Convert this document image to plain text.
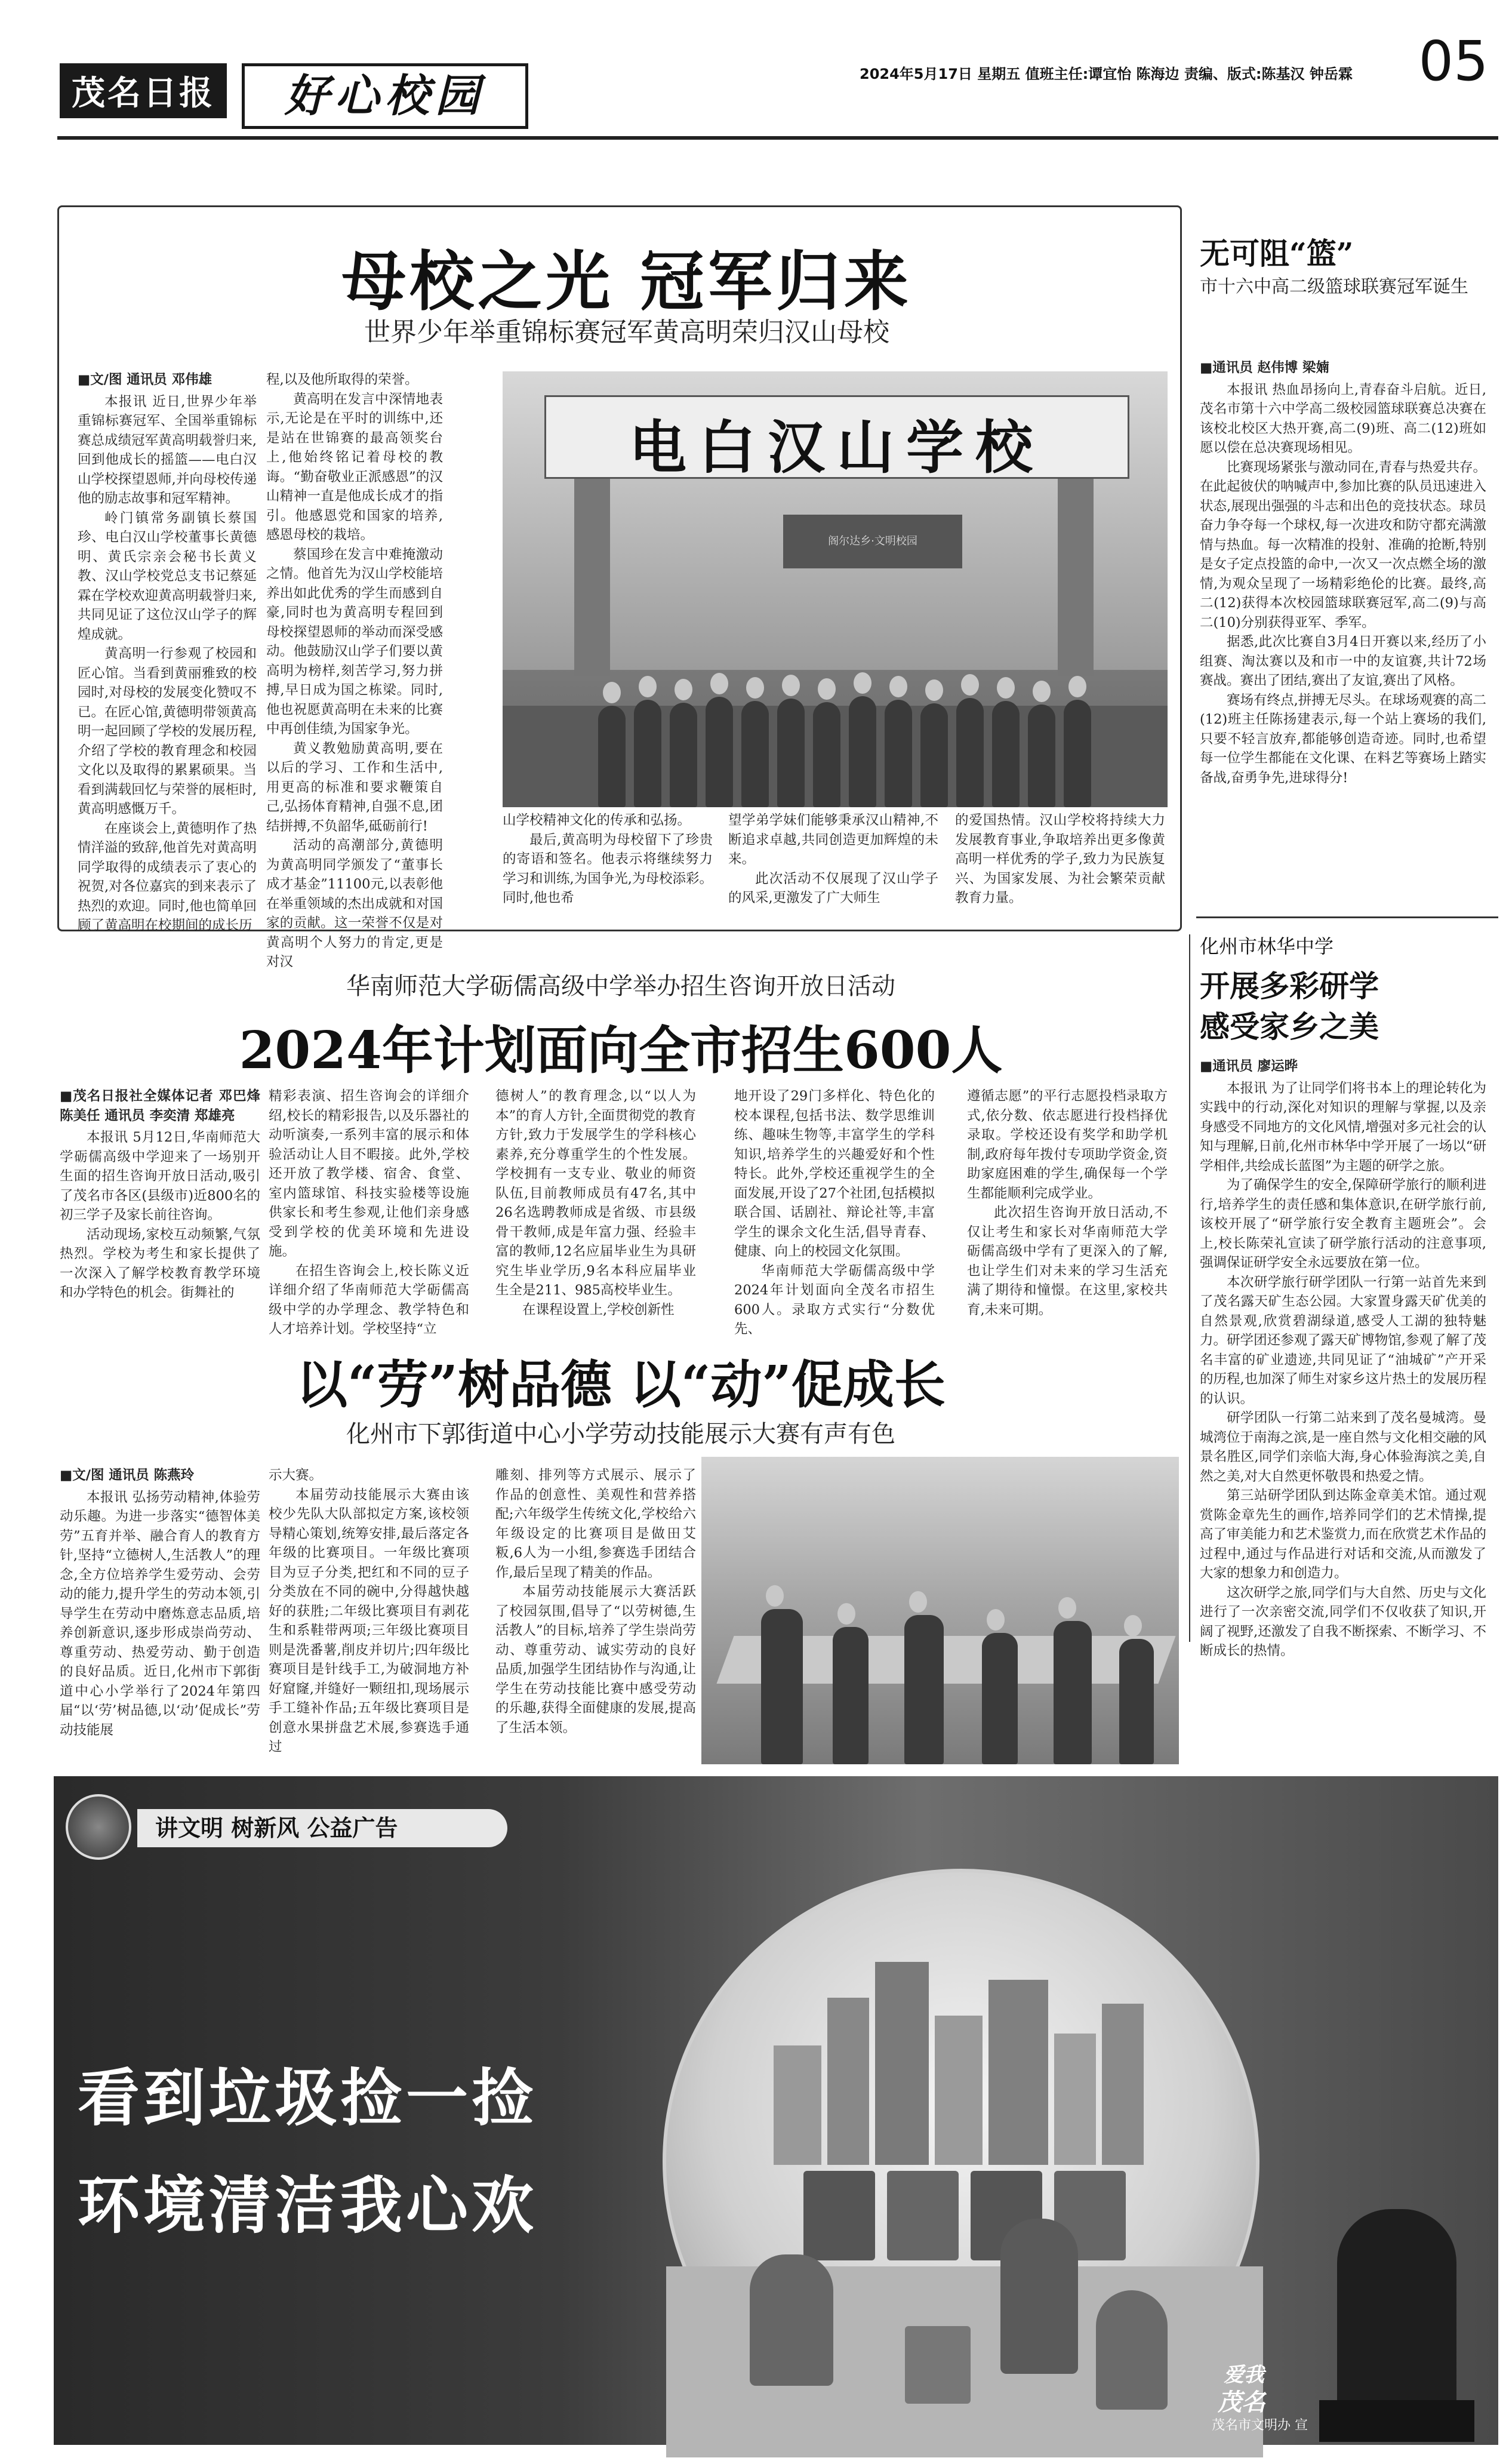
茂名日报	好心校园	2024年5月17日 星期五 值班主任:谭宜怡 陈海边 责编、版式:陈基汉 钟岳霖	05
母校之光 冠军归来
世界少年举重锦标赛冠军黄高明荣归汉山母校

■文/图 通讯员 邓伟雄

本报讯 近日,世界少年举重锦标赛冠军、全国举重锦标赛总成绩冠军黄高明载誉归来,回到他成长的摇篮——电白汉山学校探望恩师,并向母校传递他的励志故事和冠军精神。

岭门镇常务副镇长蔡国珍、电白汉山学校董事长黄德明、黄氏宗亲会秘书长黄义教、汉山学校党总支书记蔡延霖在学校欢迎黄高明载誉归来,共同见证了这位汉山学子的辉煌成就。

黄高明一行参观了校园和匠心馆。当看到黄丽雅致的校园时,对母校的发展变化赞叹不已。在匠心馆,黄德明带领黄高明一起回顾了学校的发展历程,介绍了学校的教育理念和校园文化以及取得的累累硕果。当看到满载回忆与荣誉的展柜时,黄高明感慨万千。

在座谈会上,黄德明作了热情洋溢的致辞,他首先对黄高明同学取得的成绩表示了衷心的祝贺,对各位嘉宾的到来表示了热烈的欢迎。同时,他也简单回顾了黄高明在校期间的成长历

程,以及他所取得的荣誉。

黄高明在发言中深情地表示,无论是在平时的训练中,还是站在世锦赛的最高领奖台上,他始终铭记着母校的教诲。“勤奋敬业正派感恩”的汉山精神一直是他成长成才的指引。他感恩党和国家的培养,感恩母校的栽培。

蔡国珍在发言中难掩激动之情。他首先为汉山学校能培养出如此优秀的学生而感到自豪,同时也为黄高明专程回到母校探望恩师的举动而深受感动。他鼓励汉山学子们要以黄高明为榜样,刻苦学习,努力拼搏,早日成为国之栋梁。同时,他也祝愿黄高明在未来的比赛中再创佳绩,为国家争光。

黄义教勉励黄高明,要在以后的学习、工作和生活中,用更高的标准和要求鞭策自己,弘扬体育精神,自强不息,团结拼搏,不负韶华,砥砺前行!

活动的高潮部分,黄德明为黄高明同学颁发了“董事长成才基金”11100元,以表彰他在举重领域的杰出成就和对国家的贡献。这一荣誉不仅是对黄高明个人努力的肯定,更是对汉

电白汉山学校
阁尔达乡·文明校园

山学校精神文化的传承和弘扬。

最后,黄高明为母校留下了珍贵的寄语和签名。他表示将继续努力学习和训练,为国争光,为母校添彩。同时,他也希

望学弟学妹们能够秉承汉山精神,不断追求卓越,共同创造更加辉煌的未来。

此次活动不仅展现了汉山学子的风采,更激发了广大师生

的爱国热情。汉山学校将持续大力发展教育事业,争取培养出更多像黄高明一样优秀的学子,致力为民族复兴、为国家发展、为社会繁荣贡献教育力量。

无可阻“篮”
市十六中高二级篮球联赛冠军诞生

■通讯员 赵伟博 梁婻

本报讯 热血昂扬向上,青春奋斗启航。近日,茂名市第十六中学高二级校园篮球联赛总决赛在该校北校区大热开赛,高二(9)班、高二(12)班如愿以偿在总决赛现场相见。

比赛现场紧张与激动同在,青春与热爱共存。在此起彼伏的呐喊声中,参加比赛的队员迅速进入状态,展现出强强的斗志和出色的竞技状态。球员奋力争夺每一个球权,每一次进攻和防守都充满激情与热血。每一次精准的投射、准确的抢断,特别是女子定点投篮的命中,一次又一次点燃全场的激情,为观众呈现了一场精彩绝伦的比赛。最终,高二(12)获得本次校园篮球联赛冠军,高二(9)与高二(10)分别获得亚军、季军。

据悉,此次比赛自3月4日开赛以来,经历了小组赛、淘汰赛以及和市一中的友谊赛,共计72场赛战。赛出了团结,赛出了友谊,赛出了风格。

赛场有终点,拼搏无尽头。在球场观赛的高二(12)班主任陈扬建表示,每一个站上赛场的我们,只要不轻言放弃,都能够创造奇迹。同时,也希望每一位学生都能在文化课、在料艺等赛场上踏实备战,奋勇争先,进球得分!

化州市林华中学
开展多彩研学
感受家乡之美

■通讯员 廖运晔

本报讯 为了让同学们将书本上的理论转化为实践中的行动,深化对知识的理解与掌握,以及亲身感受不同地方的文化风情,增强对多元社会的认知与理解,日前,化州市林华中学开展了一场以“研学相伴,共绘成长蓝图”为主题的研学之旅。

为了确保学生的安全,保障研学旅行的顺利进行,培养学生的责任感和集体意识,在研学旅行前,该校开展了“研学旅行安全教育主题班会”。会上,校长陈荣礼宣读了研学旅行活动的注意事项,强调保证研学安全永远要放在第一位。

本次研学旅行研学团队一行第一站首先来到了茂名露天矿生态公园。大家置身露天矿优美的自然景观,欣赏碧湖绿道,感受人工湖的独特魅力。研学团还参观了露天矿博物馆,参观了解了茂名丰富的矿业遗迹,共同见证了“油城矿”产开采的历程,也加深了师生对家乡这片热土的发展历程的认识。

研学团队一行第二站来到了茂名曼城湾。曼城湾位于南海之滨,是一座自然与文化相交融的风景名胜区,同学们亲临大海,身心体验海滨之美,自然之美,对大自然更怀敬畏和热爱之情。

第三站研学团队到达陈金章美术馆。通过观赏陈金章先生的画作,培养同学们的艺术情操,提高了审美能力和艺术鉴赏力,而在欣赏艺术作品的过程中,通过与作品进行对话和交流,从而激发了大家的想象力和创造力。

这次研学之旅,同学们与大自然、历史与文化进行了一次亲密交流,同学们不仅收获了知识,开阔了视野,还激发了自我不断探索、不断学习、不断成长的热情。

华南师范大学砺儒高级中学举办招生咨询开放日活动
2024年计划面向全市招生600人

■茂名日报社全媒体记者 邓巴烽 陈美任 通讯员 李奕清 郑雄亮

本报讯 5月12日,华南师范大学砺儒高级中学迎来了一场别开生面的招生咨询开放日活动,吸引了茂名市各区(县级市)近800名的初三学子及家长前往咨询。

活动现场,家校互动频繁,气氛热烈。学校为考生和家长提供了一次深入了解学校教育教学环境和办学特色的机会。街舞社的

精彩表演、招生咨询会的详细介绍,校长的精彩报告,以及乐器社的动听演奏,一系列丰富的展示和体验活动让人目不暇接。此外,学校还开放了教学楼、宿舍、食堂、室内篮球馆、科技实验楼等设施供家长和考生参观,让他们亲身感受到学校的优美环境和先进设施。

在招生咨询会上,校长陈义近详细介绍了华南师范大学砺儒高级中学的办学理念、教学特色和人才培养计划。学校坚持“立

德树人”的教育理念,以“以人为本”的育人方针,全面贯彻党的教育方针,致力于发展学生的学科核心素养,充分尊重学生的个性发展。学校拥有一支专业、敬业的师资队伍,目前教师成员有47名,其中26名选聘教师成是省级、市县级骨干教师,成是年富力强、经验丰富的教师,12名应届毕业生为具研究生毕业学历,9名本科应届毕业生全是211、985高校毕业生。

在课程设置上,学校创新性

地开设了29门多样化、特色化的校本课程,包括书法、数学思维训练、趣味生物等,丰富学生的学科知识,培养学生的兴趣爱好和个性特长。此外,学校还重视学生的全面发展,开设了27个社团,包括模拟联合国、话剧社、辩论社等,丰富学生的课余文化生活,倡导青春、健康、向上的校园文化氛围。

华南师范大学砺儒高级中学2024年计划面向全茂名市招生600人。录取方式实行“分数优先、

遵循志愿”的平行志愿投档录取方式,依分数、依志愿进行投档择优录取。学校还设有奖学和助学机制,政府每年拨付专项助学资金,资助家庭困难的学生,确保每一个学生都能顺利完成学业。

此次招生咨询开放日活动,不仅让考生和家长对华南师范大学砺儒高级中学有了更深入的了解,也让学生们对未来的学习生活充满了期待和憧憬。在这里,家校共育,未来可期。

以“劳”树品德 以“动”促成长
化州市下郭街道中心小学劳动技能展示大赛有声有色

■文/图 通讯员 陈燕玲

本报讯 弘扬劳动精神,体验劳动乐趣。为进一步落实“德智体美劳”五育并举、融合育人的教育方针,坚持“立德树人,生活教人”的理念,全方位培养学生爱劳动、会劳动的能力,提升学生的劳动本领,引导学生在劳动中磨炼意志品质,培养创新意识,逐步形成崇尚劳动、尊重劳动、热爱劳动、勤于创造的良好品质。近日,化州市下郭街道中心小学举行了2024年第四届“以‘劳’树品德,以‘动’促成长”劳动技能展

示大赛。

本届劳动技能展示大赛由该校少先队大队部拟定方案,该校领导精心策划,统筹安排,最后落定各年级的比赛项目。一年级比赛项目为豆子分类,把红和不同的豆子分类放在不同的碗中,分得越快越好的获胜;二年级比赛项目有剥花生和系鞋带两项;三年级比赛项目则是洗番薯,削皮并切片;四年级比赛项目是针线手工,为破洞地方补好窟窿,并缝好一颗纽扣,现场展示手工缝补作品;五年级比赛项目是创意水果拼盘艺术展,参赛选手通过

雕刻、排列等方式展示、展示了作品的创意性、美观性和营养搭配;六年级学生传统文化,学校给六年级设定的比赛项目是做田艾粄,6人为一小组,参赛选手团结合作,最后呈现了精美的作品。

本届劳动技能展示大赛活跃了校园氛围,倡导了“以劳树德,生活教人”的目标,培养了学生崇尚劳动、尊重劳动、诚实劳动的良好品质,加强学生团结协作与沟通,让学生在劳动技能比赛中感受劳动的乐趣,获得全面健康的发展,提高了生活本领。

讲文明 树新风 公益广告
看到垃圾捡一捡
环境清洁我心欢
爱我
茂名
茂名市文明办 宣
